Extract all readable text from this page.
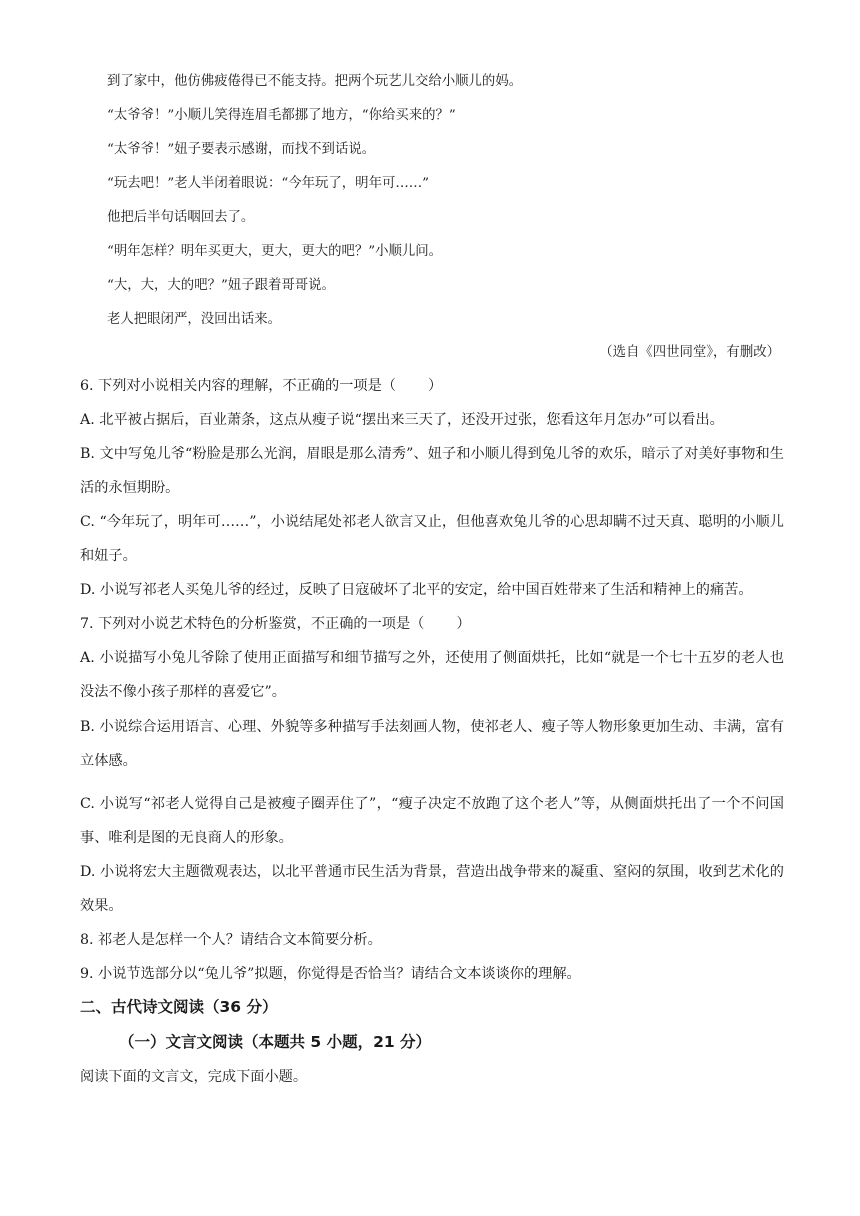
到了家中，他仿佛疲倦得已不能支持。把两个玩艺儿交给小顺儿的妈。
“太爷爷！”小顺儿笑得连眉毛都挪了地方，“你给买来的？”
“太爷爷！”妞子要表示感谢，而找不到话说。
“玩去吧！”老人半闭着眼说：“今年玩了，明年可……”
他把后半句话咽回去了。
“明年怎样？明年买更大，更大，更大的吧？”小顺儿问。
“大，大，大的吧？”妞子跟着哥哥说。
老人把眼闭严，没回出话来。
（选自《四世同堂》，有删改）
6. 下列对小说相关内容的理解，不正确的一项是（ ）
A. 北平被占据后，百业萧条，这点从瘦子说“摆出来三天了，还没开过张，您看这年月怎办”可以看出。
B. 文中写兔儿爷“粉脸是那么光润，眉眼是那么清秀”、妞子和小顺儿得到兔儿爷的欢乐，暗示了对美好事物和生活的永恒期盼。
C. “今年玩了，明年可……”，小说结尾处祁老人欲言又止，但他喜欢兔儿爷的心思却瞒不过天真、聪明的小顺儿和妞子。
D. 小说写祁老人买兔儿爷的经过，反映了日寇破坏了北平的安定，给中国百姓带来了生活和精神上的痛苦。
7. 下列对小说艺术特色的分析鉴赏，不正确的一项是（ ）
A. 小说描写小兔儿爷除了使用正面描写和细节描写之外，还使用了侧面烘托，比如“就是一个七十五岁的老人也没法不像小孩子那样的喜爱它”。
B. 小说综合运用语言、心理、外貌等多种描写手法刻画人物，使祁老人、瘦子等人物形象更加生动、丰满，富有立体感。
C. 小说写“祁老人觉得自己是被瘦子圈弄住了”，“瘦子决定不放跑了这个老人”等，从侧面烘托出了一个不问国事、唯利是图的无良商人的形象。
D. 小说将宏大主题微观表达，以北平普通市民生活为背景，营造出战争带来的凝重、窒闷的氛围，收到艺术化的效果。
8. 祁老人是怎样一个人？请结合文本简要分析。
9. 小说节选部分以“兔儿爷”拟题，你觉得是否恰当？请结合文本谈谈你的理解。
二、古代诗文阅读（36 分）
（一）文言文阅读（本题共 5 小题，21 分）
阅读下面的文言文，完成下面小题。
